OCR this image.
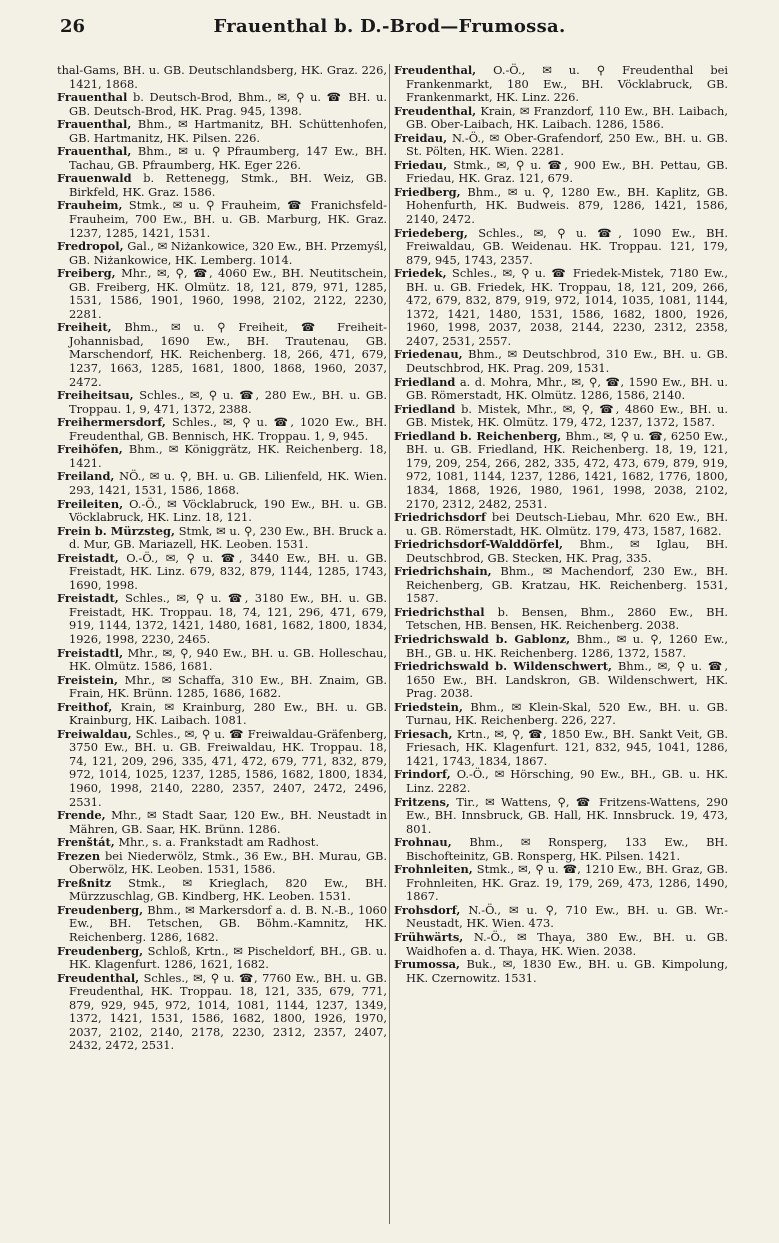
26	Frauenthal b. D.-Brod—Frumossa.

thal-Gams, BH. u. GB. Deutschlandsberg, HK. Graz. 226, 1421, 1868.

Frauenthal b. Deutsch-Brod, Bhm., ✉, ⚲ u. ☎ BH. u. GB. Deutsch-Brod, HK. Prag. 945, 1398.

Frauenthal, Bhm., ✉ Hartmanitz, BH. Schüttenhofen, GB. Hartmanitz, HK. Pilsen. 226.

Frauenthal, Bhm., ✉ u. ⚲ Pfraumberg, 147 Ew., BH. Tachau, GB. Pfraumberg, HK. Eger 226.

Frauenwald b. Rettenegg, Stmk., BH. Weiz, GB. Birkfeld, HK. Graz. 1586.

Frauheim, Stmk., ✉ u. ⚲ Frauheim, ☎ Franichsfeld-Frauheim, 700 Ew., BH. u. GB. Marburg, HK. Graz. 1237, 1285, 1421, 1531.

Fredropol, Gal., ✉ Niżankowice, 320 Ew., BH. Przemyśl, GB. Niżankowice, HK. Lemberg. 1014.

Freiberg, Mhr., ✉, ⚲, ☎, 4060 Ew., BH. Neutitschein, GB. Freiberg, HK. Olmütz. 18, 121, 879, 971, 1285, 1531, 1586, 1901, 1960, 1998, 2102, 2122, 2230, 2281.

Freiheit, Bhm., ✉ u. ⚲ Freiheit, ☎ Freiheit-Johannisbad, 1690 Ew., BH. Trautenau, GB. Marschendorf, HK. Reichenberg. 18, 266, 471, 679, 1237, 1663, 1285, 1681, 1800, 1868, 1960, 2037, 2472.

Freiheitsau, Schles., ✉, ⚲ u. ☎, 280 Ew., BH. u. GB. Troppau. 1, 9, 471, 1372, 2388.

Freihermersdorf, Schles., ✉, ⚲ u. ☎, 1020 Ew., BH. Freudenthal, GB. Bennisch, HK. Troppau. 1, 9, 945.

Freihöfen, Bhm., ✉ Königgrätz, HK. Reichenberg. 18, 1421.

Freiland, NÖ., ✉ u. ⚲, BH. u. GB. Lilienfeld, HK. Wien. 293, 1421, 1531, 1586, 1868.

Freileiten, O.-Ö., ✉ Vöcklabruck, 190 Ew., BH. u. GB. Vöcklabruck, HK. Linz. 18, 121.

Frein b. Mürzsteg, Stmk, ✉ u. ⚲, 230 Ew., BH. Bruck a. d. Mur, GB. Mariazell, HK. Leoben. 1531.

Freistadt, O.-Ö., ✉, ⚲ u. ☎, 3440 Ew., BH. u. GB. Freistadt, HK. Linz. 679, 832, 879, 1144, 1285, 1743, 1690, 1998.

Freistadt, Schles., ✉, ⚲ u. ☎, 3180 Ew., BH. u. GB. Freistadt, HK. Troppau. 18, 74, 121, 296, 471, 679, 919, 1144, 1372, 1421, 1480, 1681, 1682, 1800, 1834, 1926, 1998, 2230, 2465.

Freistadtl, Mhr., ✉, ⚲, 940 Ew., BH. u. GB. Holleschau, HK. Olmütz. 1586, 1681.

Freistein, Mhr., ✉ Schaffa, 310 Ew., BH. Znaim, GB. Frain, HK. Brünn. 1285, 1686, 1682.

Freithof, Krain, ✉ Krainburg, 280 Ew., BH. u. GB. Krainburg, HK. Laibach. 1081.

Freiwaldau, Schles., ✉, ⚲ u. ☎ Freiwaldau-Gräfenberg, 3750 Ew., BH. u. GB. Freiwaldau, HK. Troppau. 18, 74, 121, 209, 296, 335, 471, 472, 679, 771, 832, 879, 972, 1014, 1025, 1237, 1285, 1586, 1682, 1800, 1834, 1960, 1998, 2140, 2280, 2357, 2407, 2472, 2496, 2531.

Frende, Mhr., ✉ Stadt Saar, 120 Ew., BH. Neustadt in Mähren, GB. Saar, HK. Brünn. 1286.

Frenštát, Mhr., s. a. Frankstadt am Radhost.

Frezen bei Niederwölz, Stmk., 36 Ew., BH. Murau, GB. Oberwölz, HK. Leoben. 1531, 1586.

Freßnitz Stmk., ✉ Krieglach, 820 Ew., BH. Mürzzuschlag, GB. Kindberg, HK. Leoben. 1531.

Freudenberg, Bhm., ✉ Markersdorf a. d. B. N.-B., 1060 Ew., BH. Tetschen, GB. Böhm.-Kamnitz, HK. Reichenberg. 1286, 1682.

Freudenberg, Schloß, Krtn., ✉ Pischeldorf, BH., GB. u. HK. Klagenfurt. 1286, 1621, 1682.

Freudenthal, Schles., ✉, ⚲ u. ☎, 7760 Ew., BH. u. GB. Freudenthal, HK. Troppau. 18, 121, 335, 679, 771, 879, 929, 945, 972, 1014, 1081, 1144, 1237, 1349, 1372, 1421, 1531, 1586, 1682, 1800, 1926, 1970, 2037, 2102, 2140, 2178, 2230, 2312, 2357, 2407, 2432, 2472, 2531.

Freudenthal, O.-Ö., ✉ u. ⚲ Freudenthal bei Frankenmarkt, 180 Ew., BH. Vöcklabruck, GB. Frankenmarkt, HK. Linz. 226.

Freudenthal, Krain, ✉ Franzdorf, 110 Ew., BH. Laibach, GB. Ober-Laibach, HK. Laibach. 1286, 1586.

Freidau, N.-Ö., ✉ Ober-Grafendorf, 250 Ew., BH. u. GB. St. Pölten, HK. Wien. 2281.

Friedau, Stmk., ✉, ⚲ u. ☎, 900 Ew., BH. Pettau, GB. Friedau, HK. Graz. 121, 679.

Friedberg, Bhm., ✉ u. ⚲, 1280 Ew., BH. Kaplitz, GB. Hohenfurth, HK. Budweis. 879, 1286, 1421, 1586, 2140, 2472.

Friedeberg, Schles., ✉, ⚲ u. ☎, 1090 Ew., BH. Freiwaldau, GB. Weidenau. HK. Troppau. 121, 179, 879, 945, 1743, 2357.

Friedek, Schles., ✉, ⚲ u. ☎ Friedek-Mistek, 7180 Ew., BH. u. GB. Friedek, HK. Troppau, 18, 121, 209, 266, 472, 679, 832, 879, 919, 972, 1014, 1035, 1081, 1144, 1372, 1421, 1480, 1531, 1586, 1682, 1800, 1926, 1960, 1998, 2037, 2038, 2144, 2230, 2312, 2358, 2407, 2531, 2557.

Friedenau, Bhm., ✉ Deutschbrod, 310 Ew., BH. u. GB. Deutschbrod, HK. Prag. 209, 1531.

Friedland a. d. Mohra, Mhr., ✉, ⚲, ☎, 1590 Ew., BH. u. GB. Römerstadt, HK. Olmütz. 1286, 1586, 2140.

Friedland b. Mistek, Mhr., ✉, ⚲, ☎, 4860 Ew., BH. u. GB. Mistek, HK. Olmütz. 179, 472, 1237, 1372, 1587.

Friedland b. Reichenberg, Bhm., ✉, ⚲ u. ☎, 6250 Ew., BH. u. GB. Friedland, HK. Reichenberg. 18, 19, 121, 179, 209, 254, 266, 282, 335, 472, 473, 679, 879, 919, 972, 1081, 1144, 1237, 1286, 1421, 1682, 1776, 1800, 1834, 1868, 1926, 1980, 1961, 1998, 2038, 2102, 2170, 2312, 2482, 2531.

Friedrichsdorf bei Deutsch-Liebau, Mhr. 620 Ew., BH. u. GB. Römerstadt, HK. Olmütz. 179, 473, 1587, 1682.

Friedrichsdorf-Walddörfel, Bhm., ✉ Iglau, BH. Deutschbrod, GB. Stecken, HK. Prag, 335.

Friedrichshain, Bhm., ✉ Machendorf, 230 Ew., BH. Reichenberg, GB. Kratzau, HK. Reichenberg. 1531, 1587.

Friedrichsthal b. Bensen, Bhm., 2860 Ew., BH. Tetschen, HB. Bensen, HK. Reichenberg. 2038.

Friedrichswald b. Gablonz, Bhm., ✉ u. ⚲, 1260 Ew., BH., GB. u. HK. Reichenberg. 1286, 1372, 1587.

Friedrichswald b. Wildenschwert, Bhm., ✉, ⚲ u. ☎, 1650 Ew., BH. Landskron, GB. Wildenschwert, HK. Prag. 2038.

Friedstein, Bhm., ✉ Klein-Skal, 520 Ew., BH. u. GB. Turnau, HK. Reichenberg. 226, 227.

Friesach, Krtn., ✉, ⚲, ☎, 1850 Ew., BH. Sankt Veit, GB. Friesach, HK. Klagenfurt. 121, 832, 945, 1041, 1286, 1421, 1743, 1834, 1867.

Frindorf, O.-Ö., ✉ Hörsching, 90 Ew., BH., GB. u. HK. Linz. 2282.

Fritzens, Tir., ✉ Wattens, ⚲, ☎ Fritzens-Wattens, 290 Ew., BH. Innsbruck, GB. Hall, HK. Innsbruck. 19, 473, 801.

Frohnau, Bhm., ✉ Ronsperg, 133 Ew., BH. Bischofteinitz, GB. Ronsperg, HK. Pilsen. 1421.

Frohnleiten, Stmk., ✉, ⚲ u. ☎, 1210 Ew., BH. Graz, GB. Frohnleiten, HK. Graz. 19, 179, 269, 473, 1286, 1490, 1867.

Frohsdorf, N.-Ö., ✉ u. ⚲, 710 Ew., BH. u. GB. Wr.-Neustadt, HK. Wien. 473.

Frühwärts, N.-Ö., ✉ Thaya, 380 Ew., BH. u. GB. Waidhofen a. d. Thaya, HK. Wien. 2038.

Frumossa, Buk., ✉, 1830 Ew., BH. u. GB. Kimpolung, HK. Czernowitz. 1531.
